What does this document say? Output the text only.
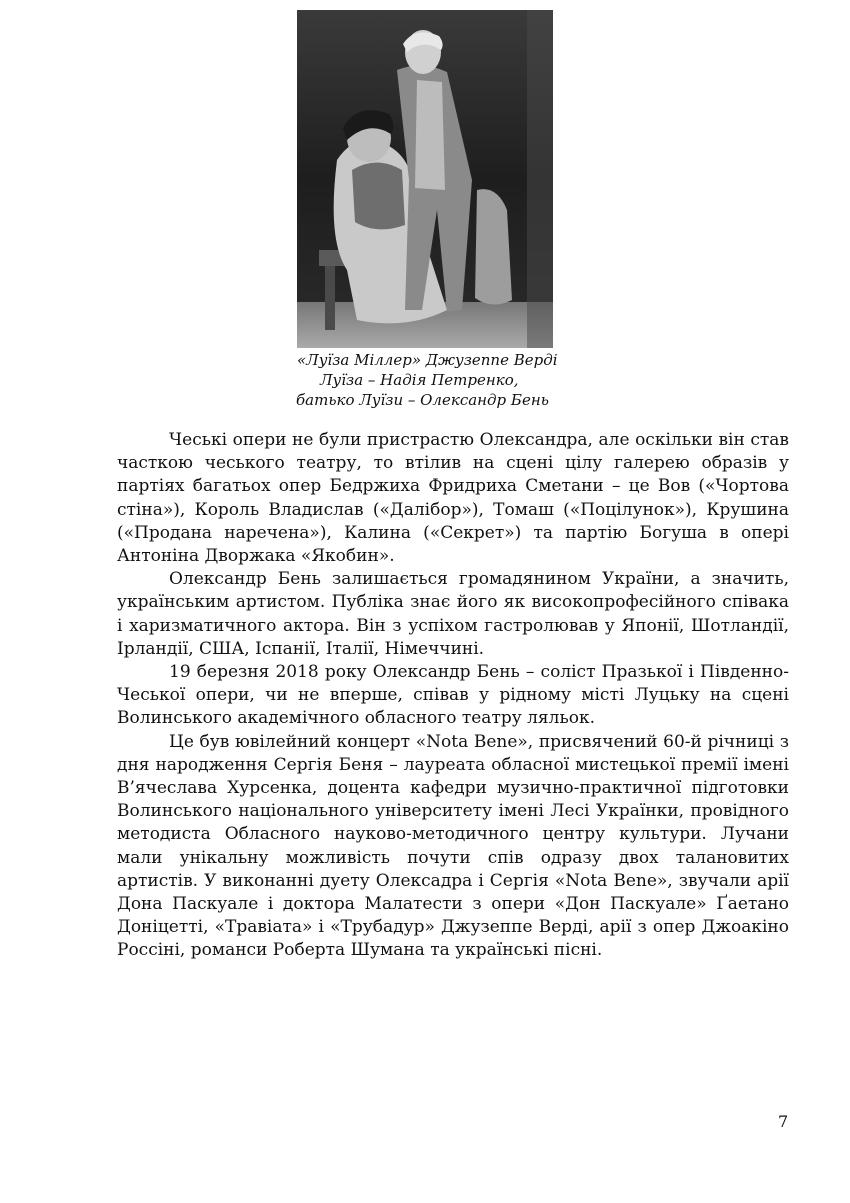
«Луїза Міллер» Джузеппе Верді
Луїза – Надія Петренко,
батько Луїзи – Олександр Бень

Чеські опери не були пристрастю Олександра, але оскільки він став часткою чеського театру, то втілив на сцені цілу галерею образів у партіях багатьох опер Бедржиха Фридриха Сметани – це Вов («Чортова стіна»), Король Владислав («Далібор»), Томаш («Поцілунок»), Крушина («Продана наречена»), Калина («Секрет») та партію Богуша в опері Антоніна Дворжака «Якобин».

Олександр Бень залишається громадянином України, а значить, українським артистом. Публіка знає його як високопрофесійного співака і харизматичного актора. Він з успіхом гастролював у Японії, Шотландії, Ірландії, США, Іспанії, Італії, Німеччині.

19 березня 2018 року Олександр Бень – соліст Празької і Південно-Чеської опери, чи не вперше, співав у рідному місті Луцьку на сцені Волинського академічного обласного театру ляльок.

Це був ювілейний концерт «Nota Bene», присвячений 60-й річниці з дня народження Сергія Беня – лауреата обласної мистецької премії імені В’ячеслава Хурсенка, доцента кафедри музично-практичної підготовки Волинського національного університету імені Лесі Українки, провідного методиста Обласного науково-методичного центру культури. Лучани мали унікальну можливість почути спів одразу двох талановитих артистів. У виконанні дуету Олексадра і Сергія «Nota Bene», звучали арії Дона Паскуале і доктора Малатести з опери «Дон Паскуале» Ґаетано Доніцетті, «Травіата» і «Трубадур» Джузеппе Верді, арії з опер Джоакіно Россіні, романси Роберта Шумана та українські пісні.

7
